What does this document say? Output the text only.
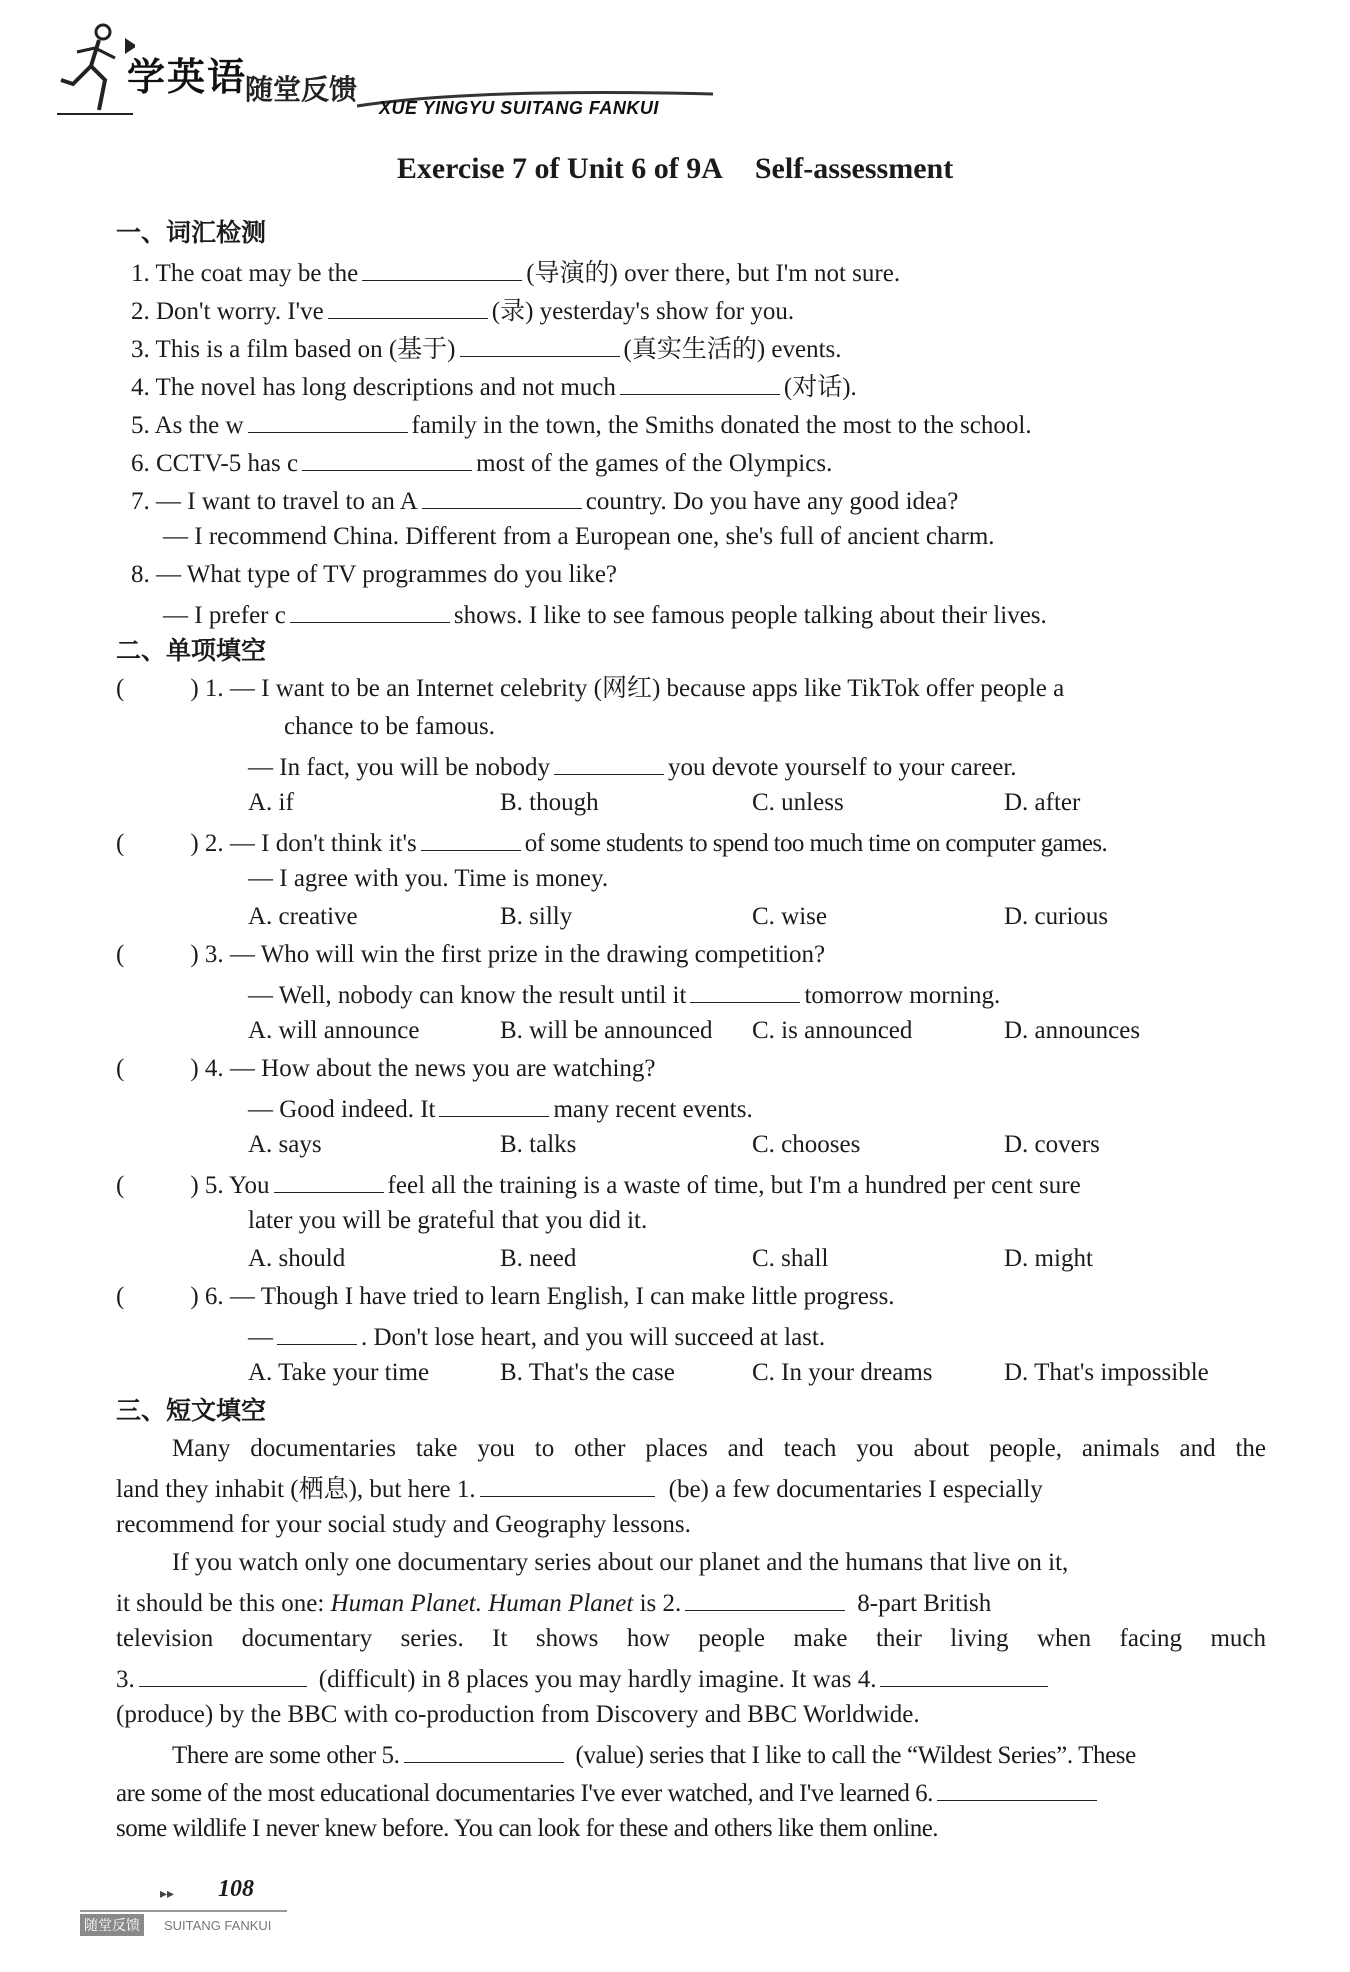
学英语
随堂反馈
XUE YINGYU SUITANG FANKUI
Exercise 7 of Unit 6 of 9A Self-assessment
一、词汇检测
1. The coat may be the	(导演的) over there, but I'm not sure.
2. Don't worry. I've	(录) yesterday's show for you.
3. This is a film based on (基于)	(真实生活的) events.
4. The novel has long descriptions and not much	(对话).
5. As the w	family in the town, the Smiths donated the most to the school.
6. CCTV-5 has c	most of the games of the Olympics.
7. — I want to travel to an A	country. Do you have any good idea?
— I recommend China. Different from a European one, she's full of ancient charm.
8. — What type of TV programmes do you like?
— I prefer c	shows. I like to see famous people talking about their lives.
二、单项填空
(	) 1. — I want to be an Internet celebrity (网红) because apps like TikTok offer people a
chance to be famous.
— In fact, you will be nobody	you devote yourself to your career.
A. if	B. though	C. unless	D. after
(	) 2. — I don't think it's	of some students to spend too much time on computer games.
— I agree with you. Time is money.
A. creative	B. silly	C. wise	D. curious
(	) 3. — Who will win the first prize in the drawing competition?
— Well, nobody can know the result until it	tomorrow morning.
A. will announce	B. will be announced C. is announced	D. announces
(	) 4. — How about the news you are watching?
— Good indeed. It	many recent events.
A. says	B. talks	C. chooses	D. covers
(	) 5. You	feel all the training is a waste of time, but I'm a hundred per cent sure
later you will be grateful that you did it.
A. should	B. need	C. shall	D. might
(	) 6. — Though I have tried to learn English, I can make little progress.
—	. Don't lose heart, and you will succeed at last.
A. Take your time	B. That's the case	C. In your dreams	D. That's impossible
三、短文填空
Many documentaries take you to other places and teach you about people, animals and the
land they inhabit (栖息), but here 1.	(be) a few documentaries I especially
recommend for your social study and Geography lessons.
If you watch only one documentary series about our planet and the humans that live on it,
it should be this one: Human Planet. Human Planet is 2.	8-part British
television documentary series. It shows how people make their living when facing much
3.	(difficult) in 8 places you may hardly imagine. It was 4.
(produce) by the BBC with co-production from Discovery and BBC Worldwide.
There are some other 5.	(value) series that I like to call the “Wildest Series”. These
are some of the most educational documentaries I've ever watched, and I've learned 6.
some wildlife I never knew before. You can look for these and others like them online.
▸▸ 108
随堂反馈	SUITANG FANKUI
